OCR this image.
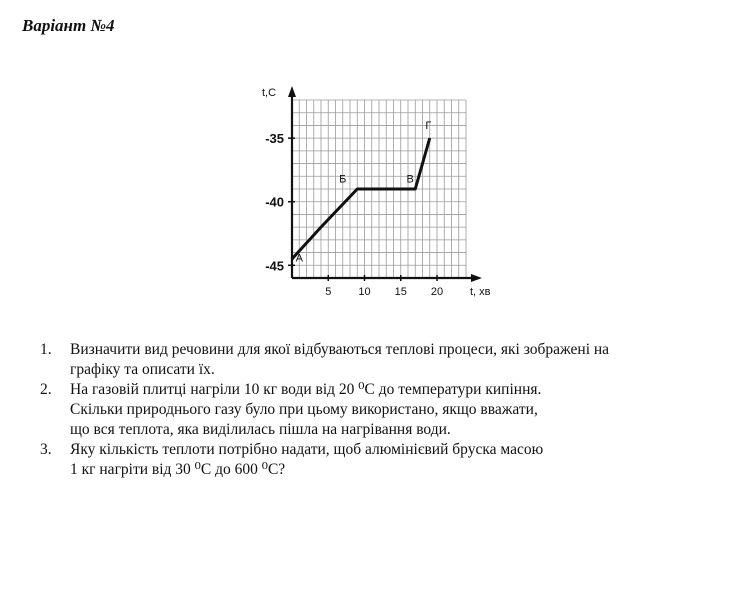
Варіант №4
5 10 15 20
-45
-40
-35
t,C
t, хв
А
Б	В
Г
1.	Визначити вид речовини для якої відбуваються теплові процеси, які зображені на
графіку та описати їх.
2.	На газовій плитці нагріли 10 кг води від 20 ⁰С до температури кипіння.
Скільки природнього газу було при цьому використано, якщо вважати,
що вся теплота, яка виділилась пішла на нагрівання води.
3.	Яку кількість теплоти потрібно надати, щоб алюмінієвий бруска масою
1 кг нагріти від 30 ⁰С до 600 ⁰С?
